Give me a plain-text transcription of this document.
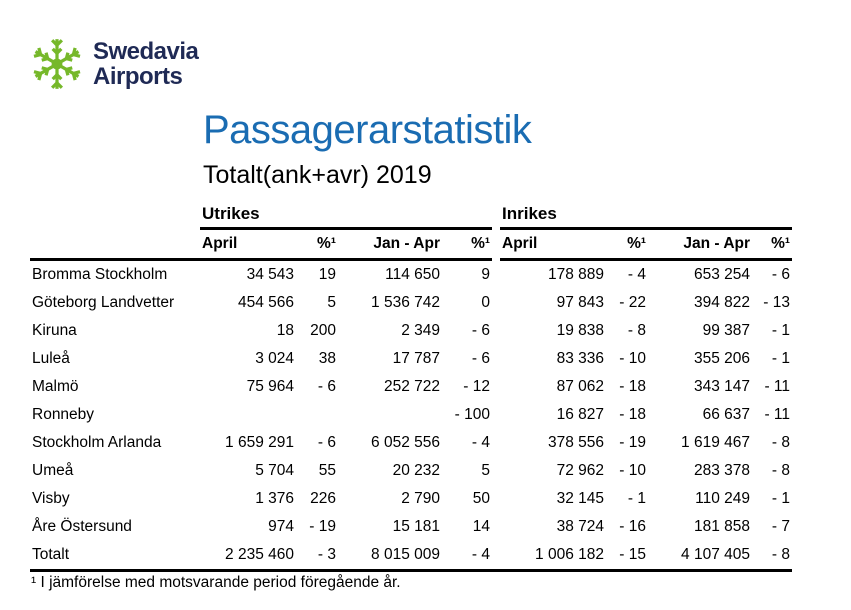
Swedavia
Airports
Passagerarstatistik
Totalt(ank+avr) 2019
	Utrikes					Inrikes			
	April	%¹	Jan - Apr	%¹		April	%¹	Jan - Apr	%¹
Bromma Stockholm	34 543	19	114 650	9		178 889	- 4	653 254	- 6
Göteborg Landvetter	454 566	5	1 536 742	0		97 843	- 22	394 822	- 13
Kiruna	18	200	2 349	- 6		19 838	- 8	99 387	- 1
Luleå	3 024	38	17 787	- 6		83 336	- 10	355 206	- 1
Malmö	75 964	- 6	252 722	- 12		87 062	- 18	343 147	- 11
Ronneby				- 100		16 827	- 18	66 637	- 11
Stockholm Arlanda	1 659 291	- 6	6 052 556	- 4		378 556	- 19	1 619 467	- 8
Umeå	5 704	55	20 232	5		72 962	- 10	283 378	- 8
Visby	1 376	226	2 790	50		32 145	- 1	110 249	- 1
Åre Östersund	974	- 19	15 181	14		38 724	- 16	181 858	- 7
Totalt	2 235 460	- 3	8 015 009	- 4		1 006 182	- 15	4 107 405	- 8
¹ I jämförelse med motsvarande period föregående år.
